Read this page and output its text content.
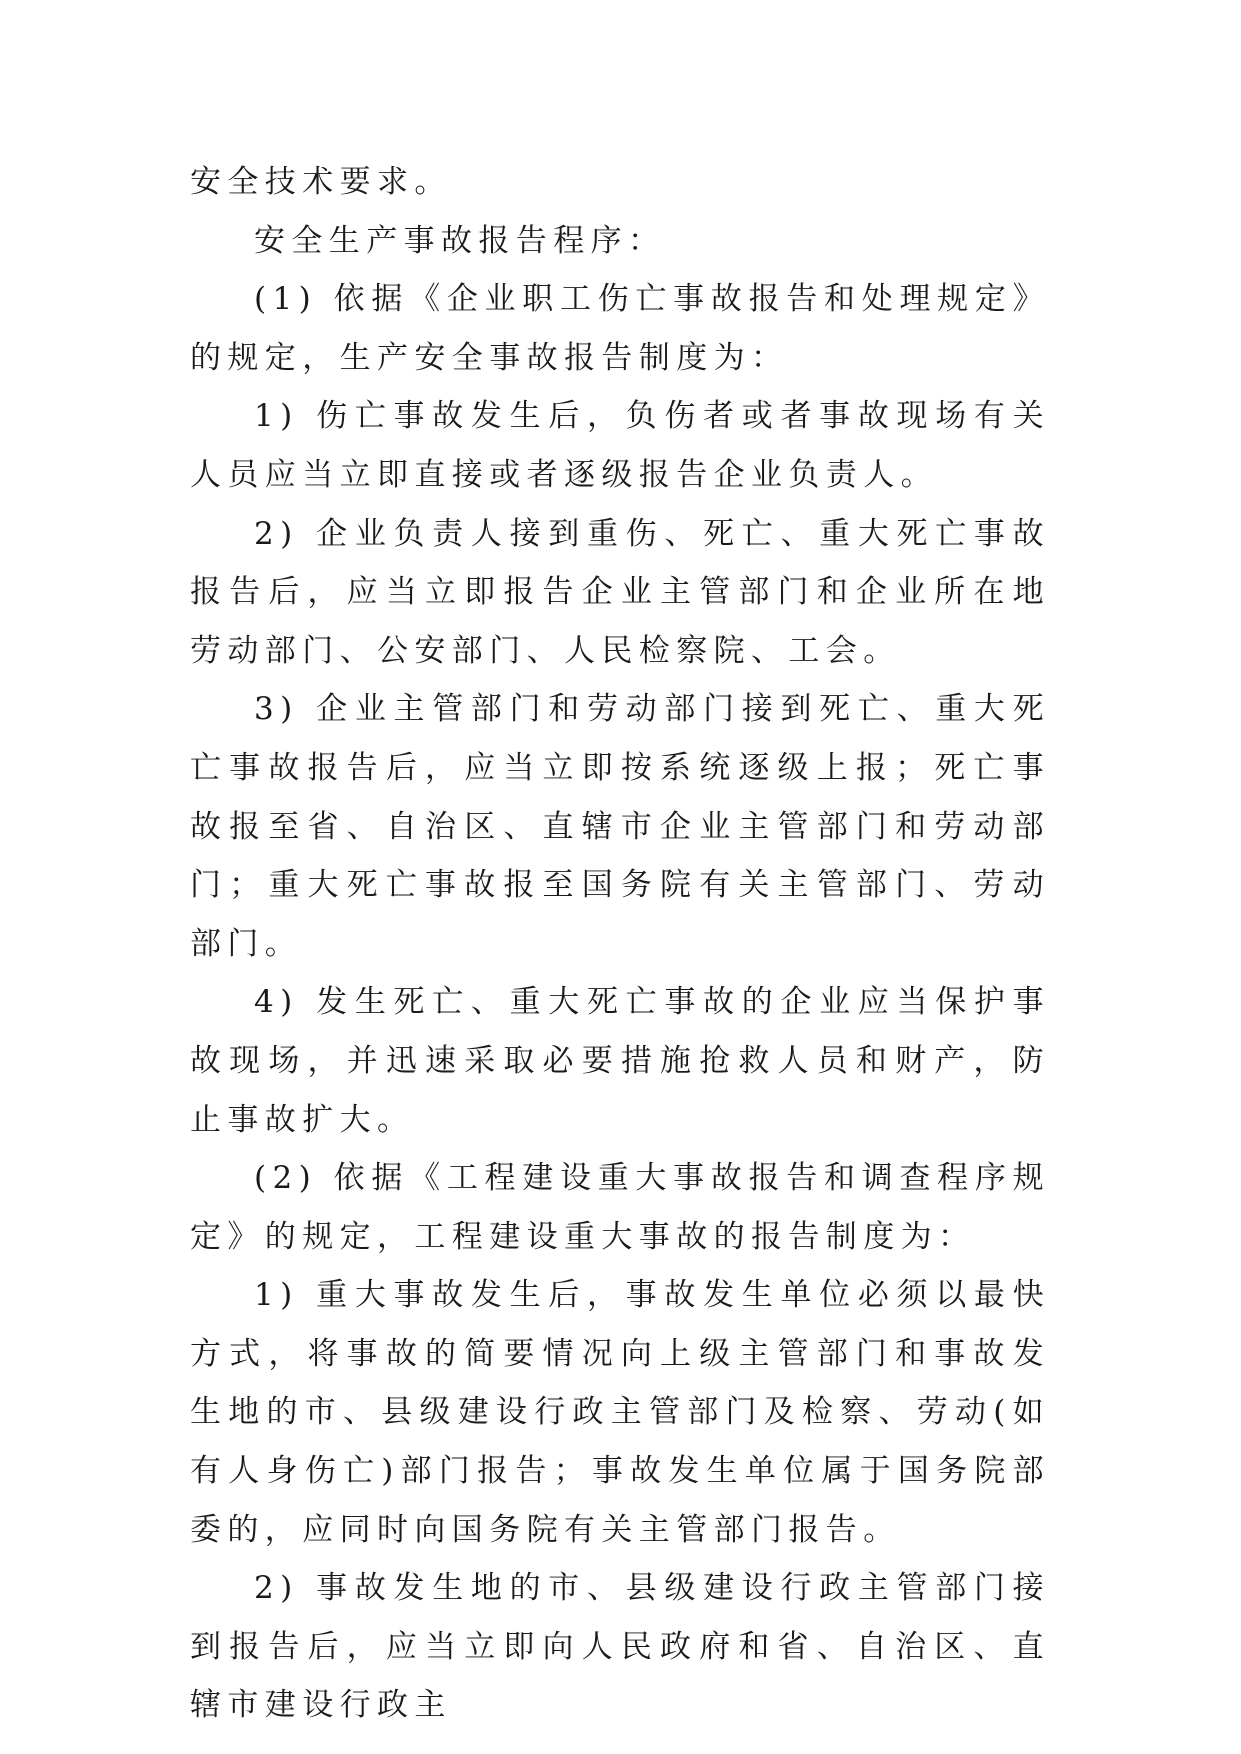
安全技术要求。

安全生产事故报告程序：

(1) 依据《企业职工伤亡事故报告和处理规定》的规定，生产安全事故报告制度为：

1) 伤亡事故发生后，负伤者或者事故现场有关人员应当立即直接或者逐级报告企业负责人。

2) 企业负责人接到重伤、死亡、重大死亡事故报告后，应当立即报告企业主管部门和企业所在地劳动部门、公安部门、人民检察院、工会。

3) 企业主管部门和劳动部门接到死亡、重大死亡事故报告后，应当立即按系统逐级上报；死亡事故报至省、自治区、直辖市企业主管部门和劳动部门；重大死亡事故报至国务院有关主管部门、劳动部门。

4) 发生死亡、重大死亡事故的企业应当保护事故现场，并迅速采取必要措施抢救人员和财产，防止事故扩大。

(2) 依据《工程建设重大事故报告和调查程序规定》的规定，工程建设重大事故的报告制度为：

1) 重大事故发生后，事故发生单位必须以最快方式，将事故的简要情况向上级主管部门和事故发生地的市、县级建设行政主管部门及检察、劳动(如有人身伤亡)部门报告；事故发生单位属于国务院部委的，应同时向国务院有关主管部门报告。

2) 事故发生地的市、县级建设行政主管部门接到报告后，应当立即向人民政府和省、自治区、直辖市建设行政主
